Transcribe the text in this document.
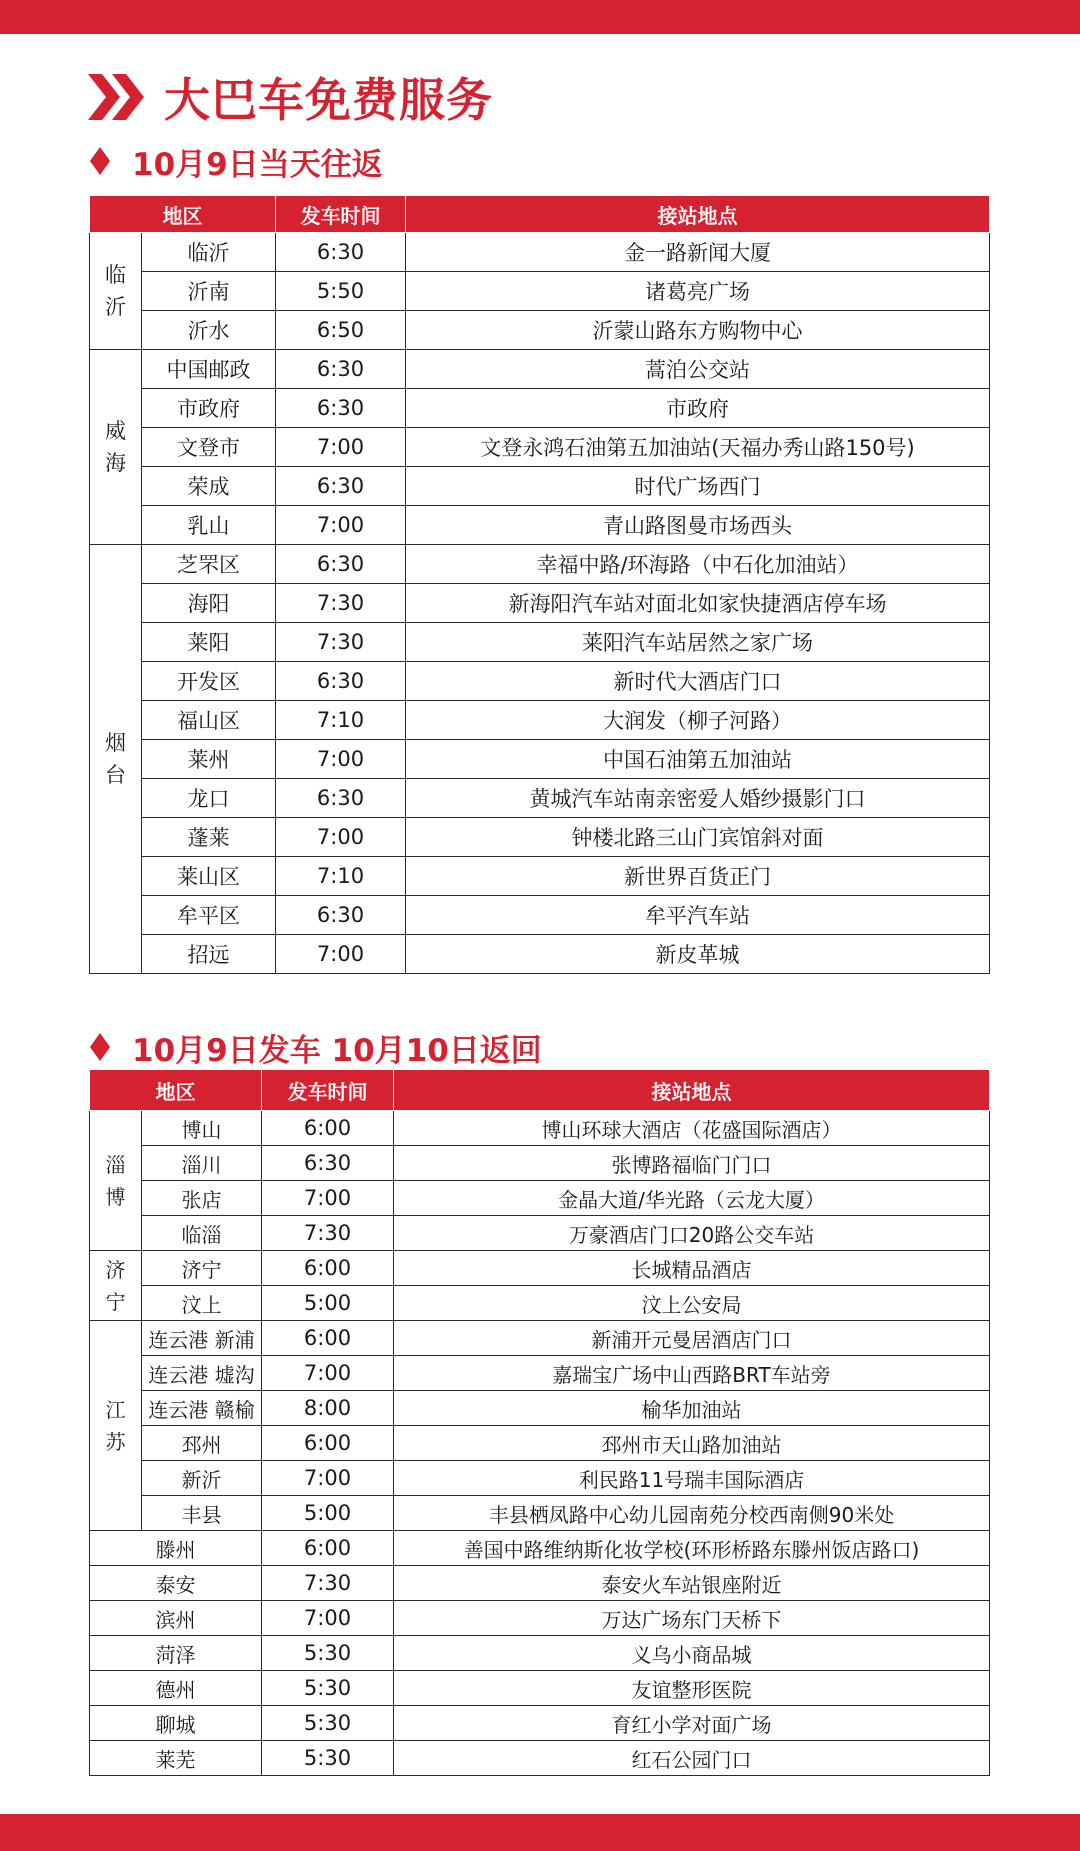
大巴车免费服务
10月9日当天往返
地区		发车时间	接站地点
临沂	临沂	6:30	金一路新闻大厦
	沂南	5:50	诸葛亮广场
	沂水	6:50	沂蒙山路东方购物中心
威海	中国邮政	6:30	蒿泊公交站
	市政府	6:30	市政府
	文登市	7:00	文登永鸿石油第五加油站(天福办秀山路150号)
	荣成	6:30	时代广场西门
	乳山	7:00	青山路图曼市场西头
烟台	芝罘区	6:30	幸福中路/环海路（中石化加油站）
	海阳	7:30	新海阳汽车站对面北如家快捷酒店停车场
	莱阳	7:30	莱阳汽车站居然之家广场
	开发区	6:30	新时代大酒店门口
	福山区	7:10	大润发（柳子河路）
	莱州	7:00	中国石油第五加油站
	龙口	6:30	黄城汽车站南亲密爱人婚纱摄影门口
	蓬莱	7:00	钟楼北路三山门宾馆斜对面
	莱山区	7:10	新世界百货正门
	牟平区	6:30	牟平汽车站
	招远	7:00	新皮革城
10月9日发车 10月10日返回
地区		发车时间	接站地点
淄博	博山	6:00	博山环球大酒店（花盛国际酒店）
	淄川	6:30	张博路福临门门口
	张店	7:00	金晶大道/华光路（云龙大厦）
	临淄	7:30	万豪酒店门口20路公交车站
济宁	济宁	6:00	长城精品酒店
	汶上	5:00	汶上公安局
江苏	连云港 新浦	6:00	新浦开元曼居酒店门口
	连云港 墟沟	7:00	嘉瑞宝广场中山西路BRT车站旁
	连云港 赣榆	8:00	榆华加油站
	邳州	6:00	邳州市天山路加油站
	新沂	7:00	利民路11号瑞丰国际酒店
	丰县	5:00	丰县栖凤路中心幼儿园南苑分校西南侧90米处
滕州		6:00	善国中路维纳斯化妆学校(环形桥路东滕州饭店路口)
泰安		7:30	泰安火车站银座附近
滨州		7:00	万达广场东门天桥下
菏泽		5:30	义乌小商品城
德州		5:30	友谊整形医院
聊城		5:30	育红小学对面广场
莱芜		5:30	红石公园门口
